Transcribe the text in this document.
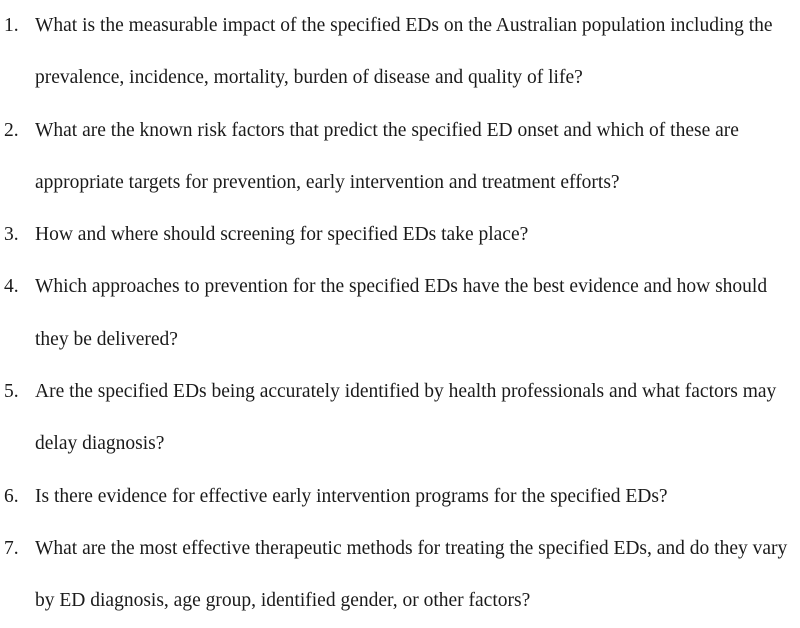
1. What is the measurable impact of the specified EDs on the Australian population including the prevalence, incidence, mortality, burden of disease and quality of life?
2. What are the known risk factors that predict the specified ED onset and which of these are appropriate targets for prevention, early intervention and treatment efforts?
3. How and where should screening for specified EDs take place?
4. Which approaches to prevention for the specified EDs have the best evidence and how should they be delivered?
5. Are the specified EDs being accurately identified by health professionals and what factors may delay diagnosis?
6. Is there evidence for effective early intervention programs for the specified EDs?
7. What are the most effective therapeutic methods for treating the specified EDs, and do they vary by ED diagnosis, age group, identified gender, or other factors?
